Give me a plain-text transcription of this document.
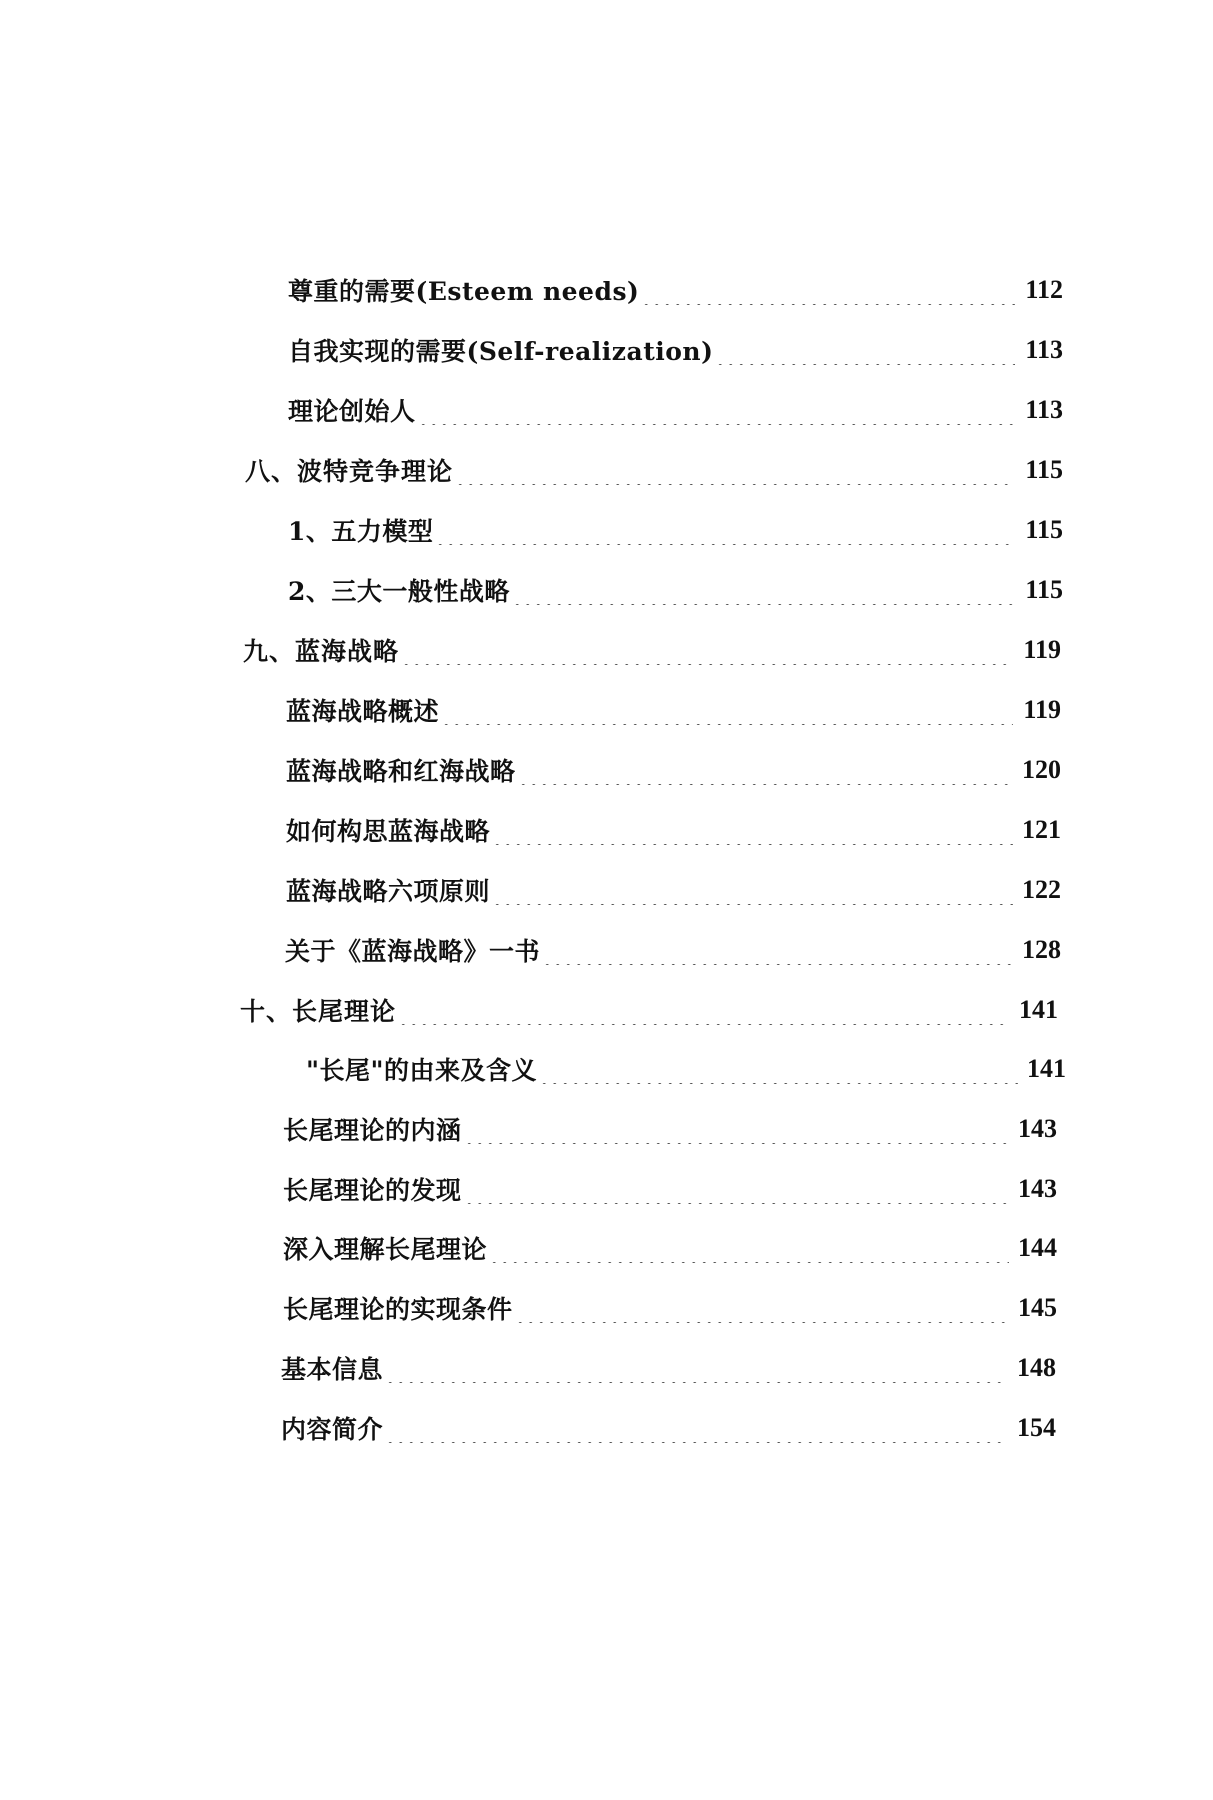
尊重的需要(Esteem needs)	112
自我实现的需要(Self-realization)	113
理论创始人	113
八、波特竞争理论	115
1、五力模型	115
2、三大一般性战略	115
九、蓝海战略	119
蓝海战略概述	119
蓝海战略和红海战略	120
如何构思蓝海战略	121
蓝海战略六项原则	122
关于《蓝海战略》一书	128
十、长尾理论	141
"长尾"的由来及含义	141
长尾理论的内涵	143
长尾理论的发现	143
深入理解长尾理论	144
长尾理论的实现条件	145
基本信息	148
内容简介	154
